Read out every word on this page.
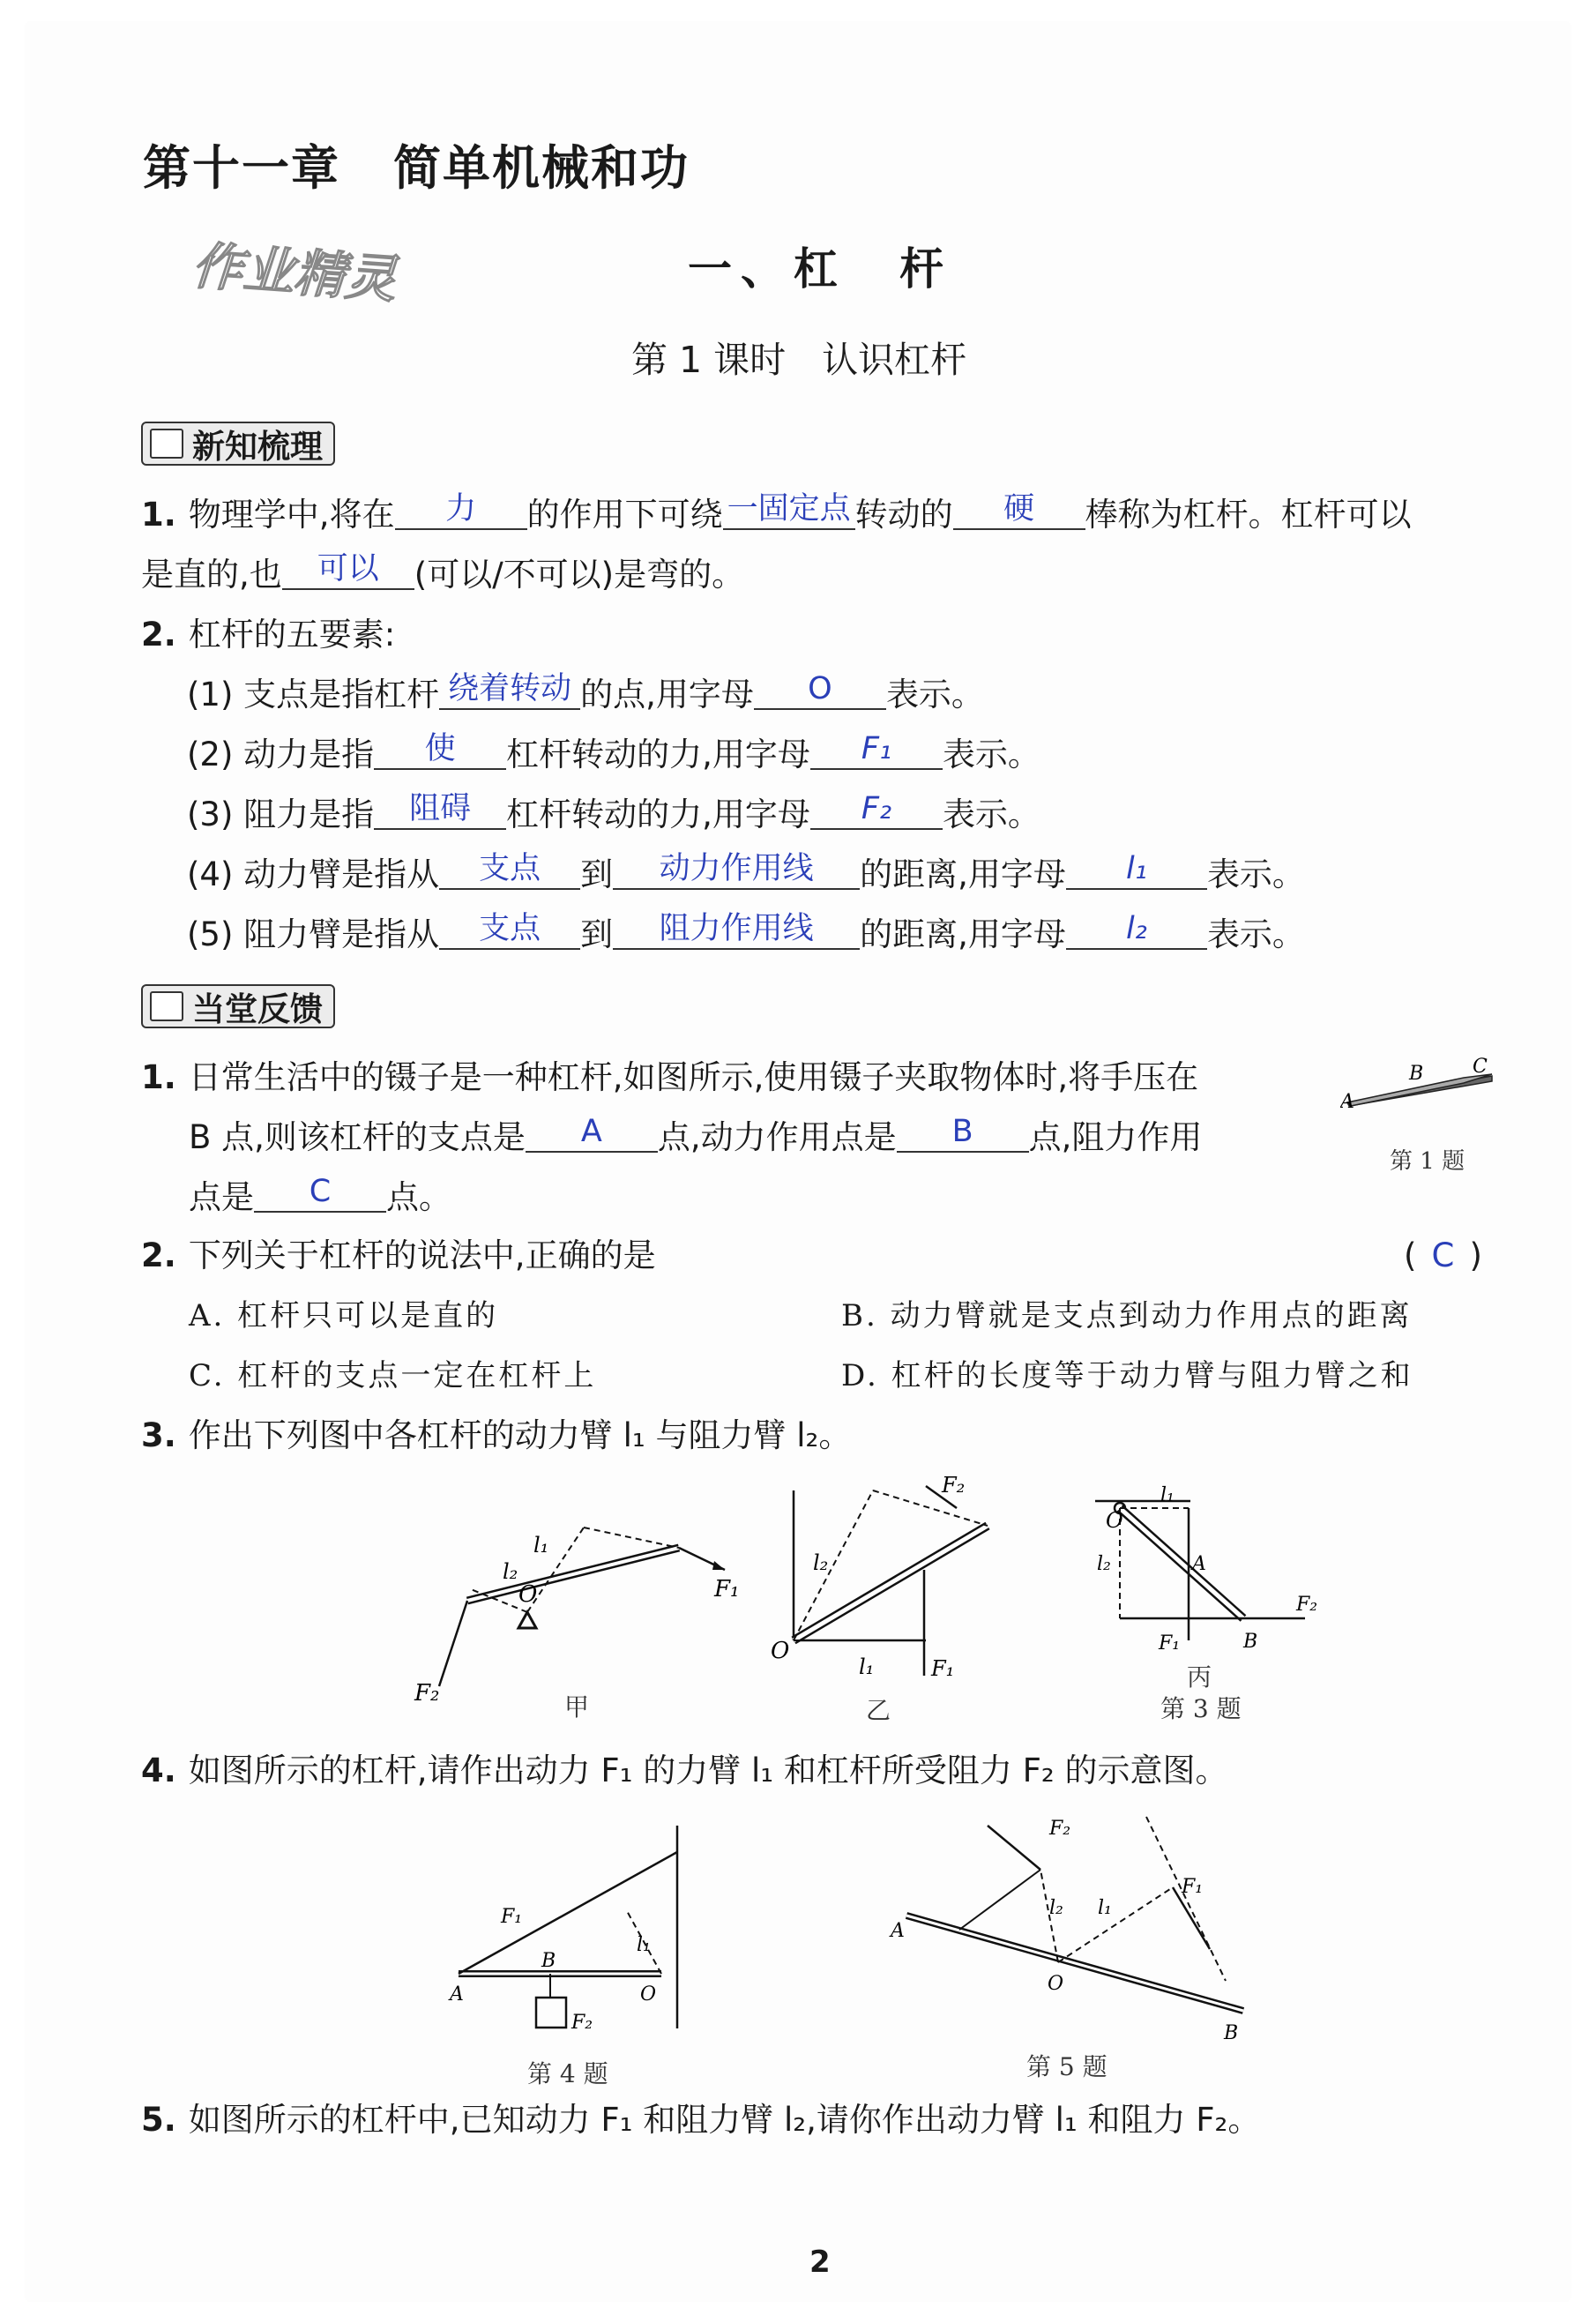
第十一章 简单机械和功
作业精灵	一、杠　杆
第 1 课时　认识杠杆
新知梳理
1. 物理学中,将在 力 的作用下可绕 一固定点 转动的 硬 棒称为杠杆。杠杆可以
是直的,也 可以 (可以/不可以)是弯的。
2. 杠杆的五要素:
(1) 支点是指杠杆 绕着转动 的点,用字母 O 表示。
(2) 动力是指 使 杠杆转动的力,用字母 F₁ 表示。
(3) 阻力是指 阻碍 杠杆转动的力,用字母 F₂ 表示。
(4) 动力臂是指从 支点 到 动力作用线 的距离,用字母 l₁ 表示。
(5) 阻力臂是指从 支点 到 阻力作用线 的距离,用字母 l₂ 表示。
当堂反馈
1. 日常生活中的镊子是一种杠杆,如图所示,使用镊子夹取物体时,将手压在
B 点,则该杠杆的支点是 A 点,动力作用点是 B 点,阻力作用
点是 C 点。
A
B	C
第 1 题
2. 下列关于杠杆的说法中,正确的是	( C )
A. 杠杆只可以是直的	B. 动力臂就是支点到动力作用点的距离
C. 杠杆的支点一定在杠杆上	D. 杠杆的长度等于动力臂与阻力臂之和
3. 作出下列图中各杠杆的动力臂 l₁ 与阻力臂 l₂。
F₁
F₂
l₁
l₂
O
甲
F₂
F₁
l₂
l₁
O
乙
O
l₁
l₂	A
B
F₂
F₁
丙
第 3 题
4. 如图所示的杠杆,请作出动力 F₁ 的力臂 l₁ 和杠杆所受阻力 F₂ 的示意图。
F₁
l₁
A
B
O
F₂
第 4 题
F₂
F₁
l₂ l₁
A
O
B
第 5 题
5. 如图所示的杠杆中,已知动力 F₁ 和阻力臂 l₂,请你作出动力臂 l₁ 和阻力 F₂。
2
